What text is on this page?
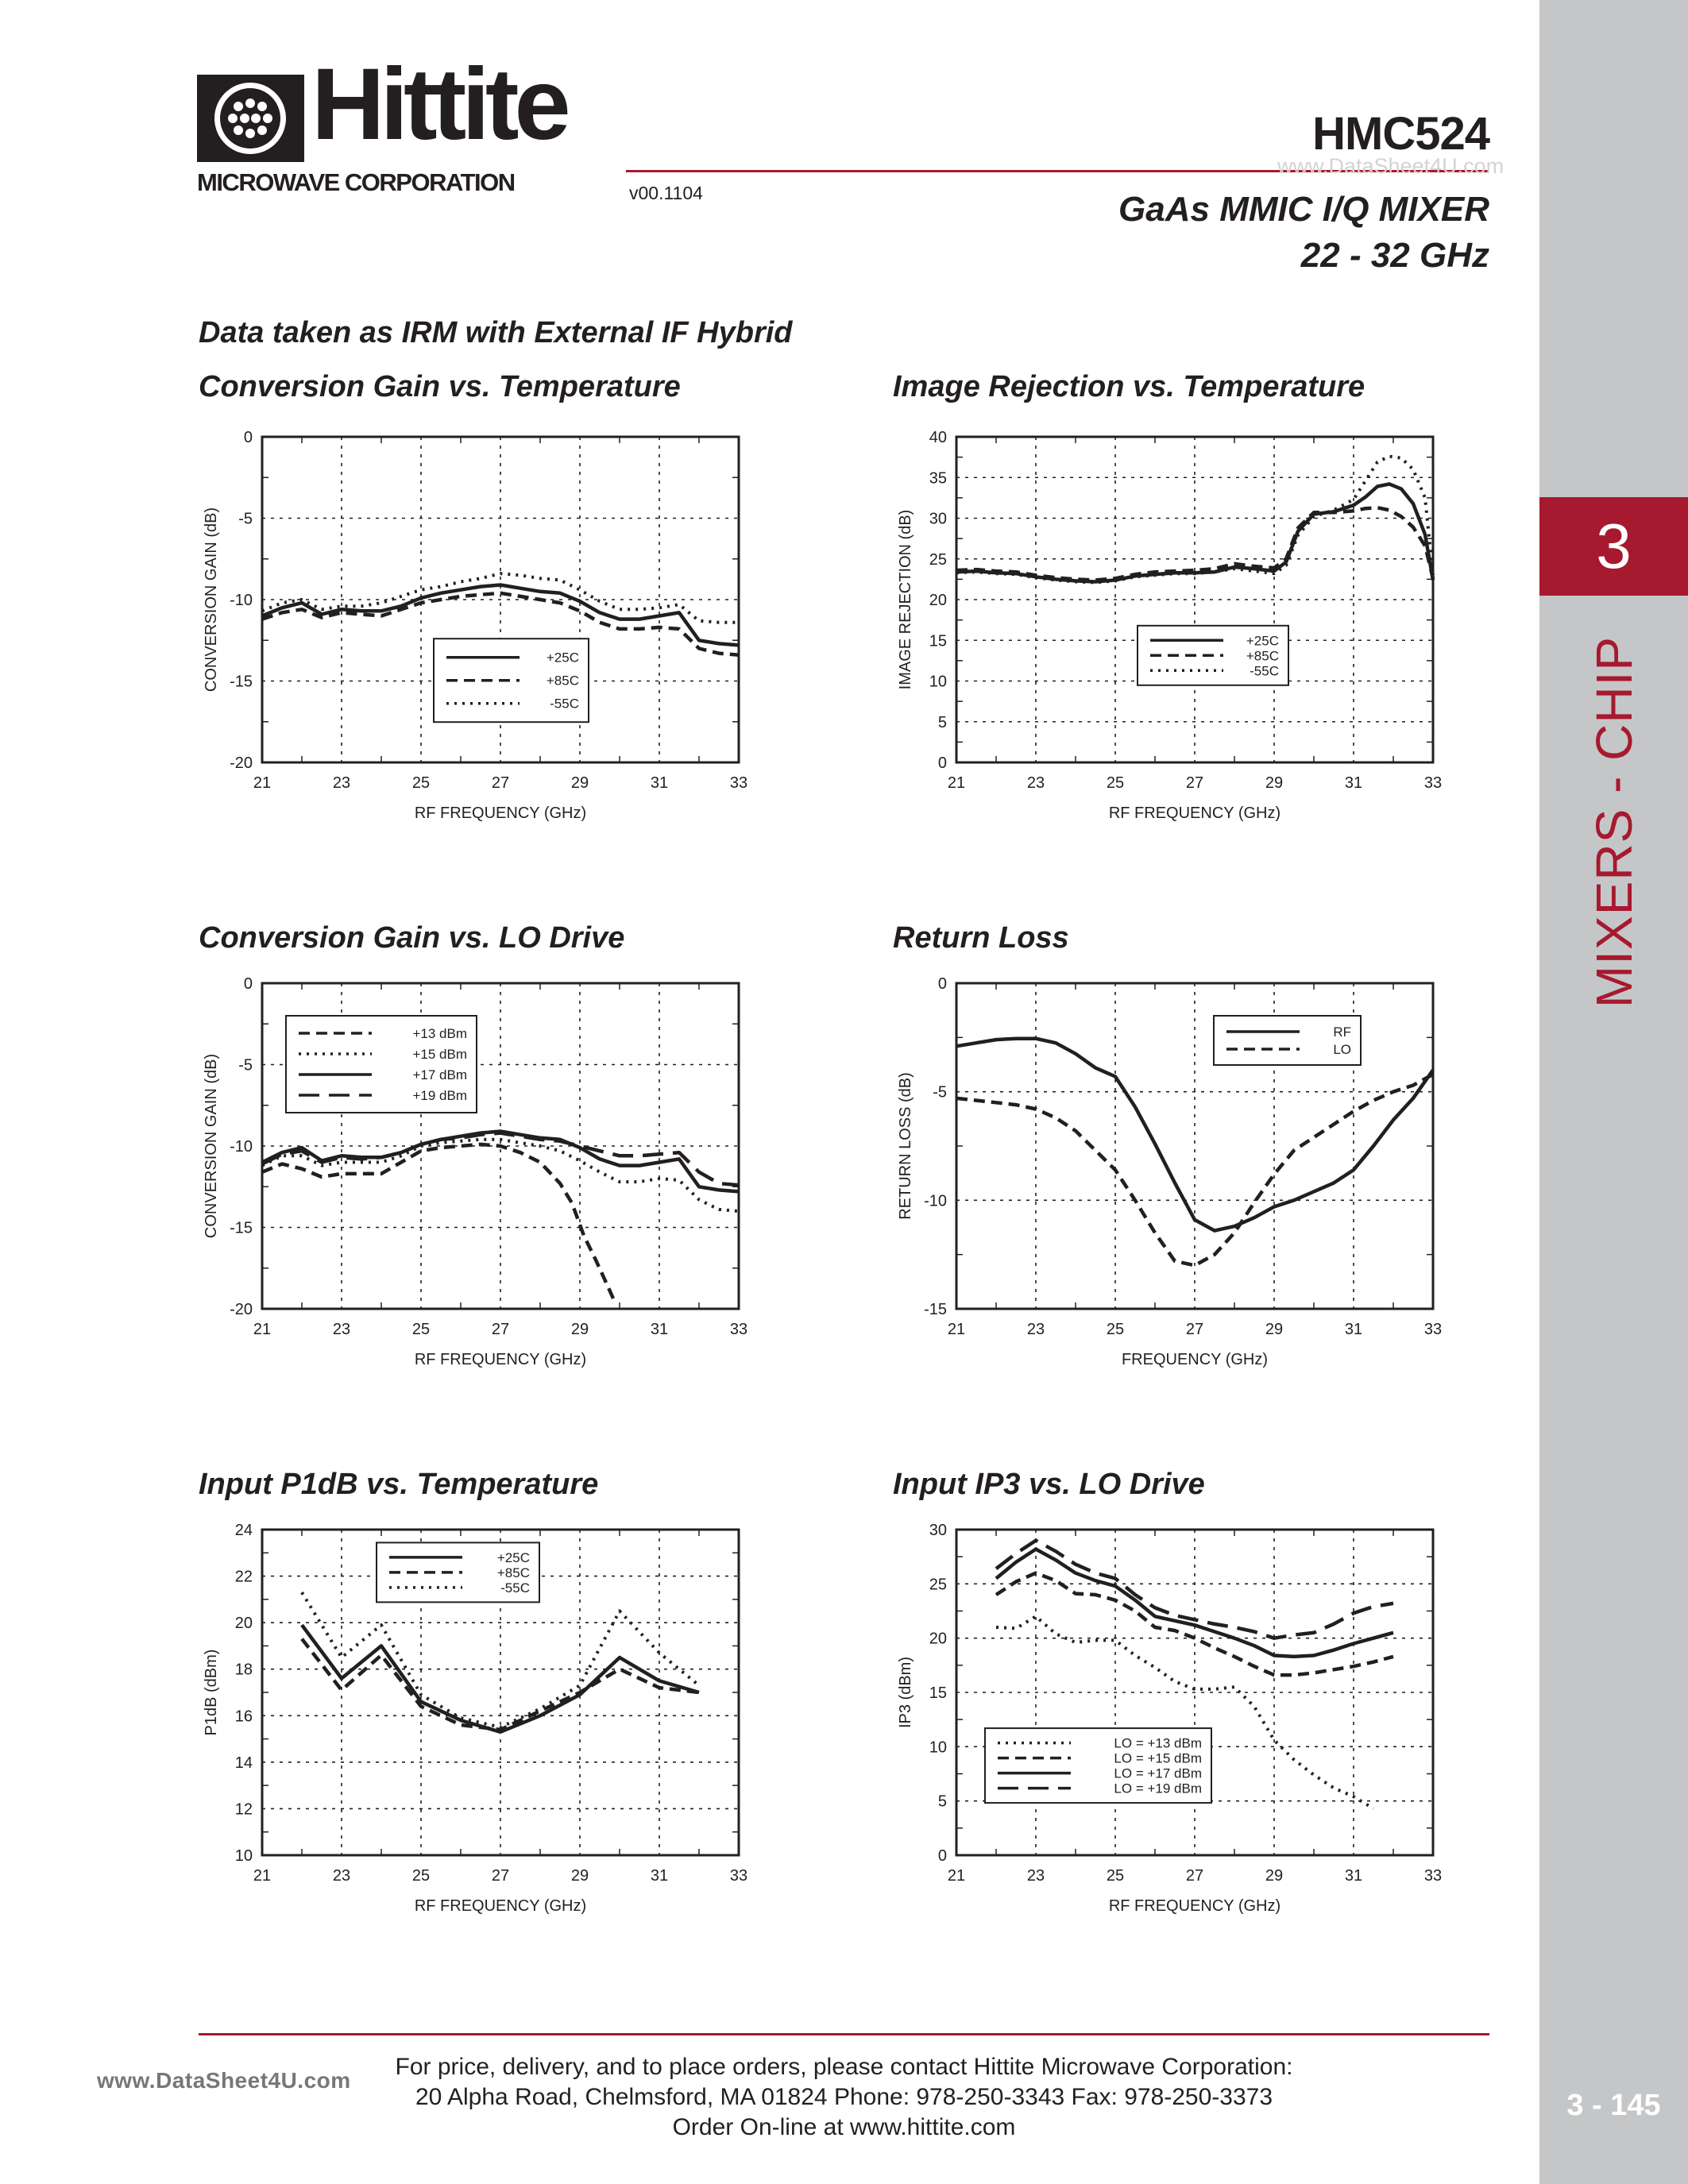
Hittite
MICROWAVE CORPORATION	v00.1104
HMC524
www.DataSheet4U.com
GaAs MMIC I/Q MIXER
22 - 32 GHz
3
MIXERS - CHIP
3 - 145
Data taken as IRM with External IF Hybrid
Conversion Gain vs. Temperature	Image Rejection vs. Temperature
Conversion Gain vs. LO Drive	Return Loss
Input P1dB vs. Temperature	Input IP3 vs. LO Drive
21	23	25	27	29	31	33
-20
-15
-10
-5
0
RF FREQUENCY (GHz)
CONVERSION GAIN (dB)	+25C
+85C
-55C
21	23	25	27	29	31	33
0
5
10
15
20
25
30
35
40
RF FREQUENCY (GHz)
IMAGE REJECTION (dB)	+25C
+85C
-55C
21	23	25	27	29	31	33
-20
-15
-10
-5
0
RF FREQUENCY (GHz)
CONVERSION GAIN (dB)
+13 dBm
+15 dBm
+17 dBm
+19 dBm
21	23	25	27	29	31	33
-15
-10
-5
0
FREQUENCY (GHz)
RETURN LOSS (dB)
RF
LO
21	23	25	27	29	31	33
10
12
14
16
18
20
22
24
RF FREQUENCY (GHz)
P1dB (dBm)
+25C
+85C
-55C
21	23	25	27	29	31	33
0
5
10
15
20
25
30
RF FREQUENCY (GHz)
IP3 (dBm)
LO = +13 dBm
LO = +15 dBm
LO = +17 dBm
LO = +19 dBm
For price, delivery, and to place orders, please contact Hittite Microwave Corporation:
20 Alpha Road, Chelmsford, MA 01824 Phone: 978-250-3343 Fax: 978-250-3373
Order On-line at www.hittite.com
www.DataSheet4U.com
